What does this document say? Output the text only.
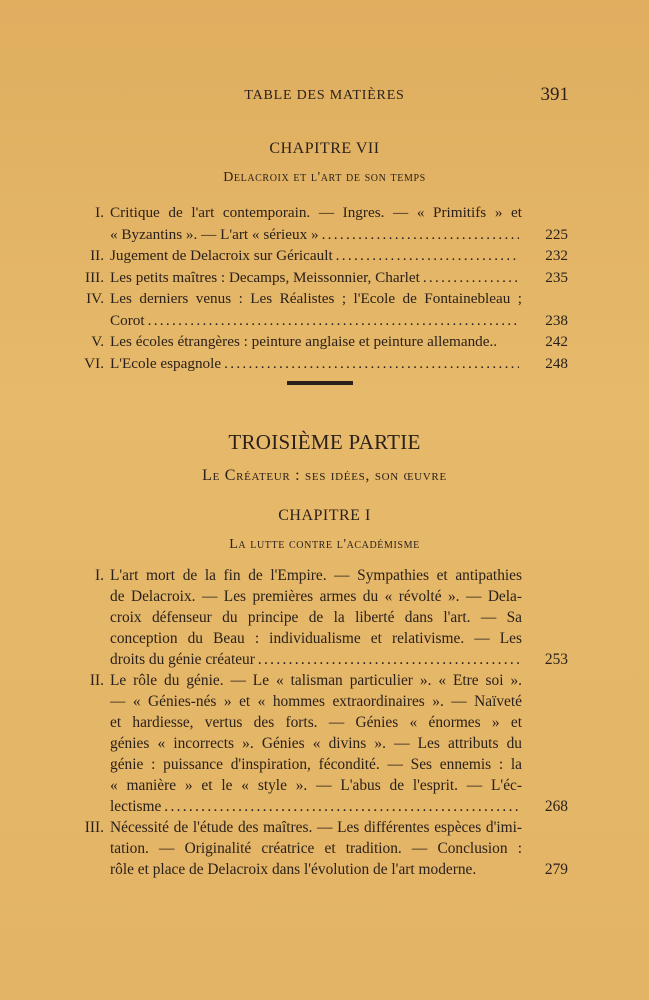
TABLE DES MATIÈRES	391
CHAPITRE VII
Delacroix et l'art de son temps
I. Critique de l'art contemporain. — Ingres. — « Primitifs » et
« Byzantins ». — L'art « sérieux » .....	225
II. Jugement de Delacroix sur Géricault .....	232
III. Les petits maîtres : Decamps, Meissonnier, Charlet .....	235
IV. Les derniers venus : Les Réalistes ; l'Ecole de Fontainebleau ;
Corot .....	238
V. Les écoles étrangères : peinture anglaise et peinture allemande..	242
VI. L'Ecole espagnole .....	248
TROISIÈME PARTIE
Le Créateur : ses idées, son œuvre
CHAPITRE I
La lutte contre l'académisme
I. L'art mort de la fin de l'Empire. — Sympathies et antipathies
de Delacroix. — Les premières armes du « révolté ». — Dela-
croix défenseur du principe de la liberté dans l'art. — Sa
conception du Beau : individualisme et relativisme. — Les
droits du génie créateur .....	253
II. Le rôle du génie. — Le « talisman particulier ». « Etre soi ».
— « Génies-nés » et « hommes extraordinaires ». — Naïveté
et hardiesse, vertus des forts. — Génies « énormes » et
génies « incorrects ». Génies « divins ». — Les attributs du
génie : puissance d'inspiration, fécondité. — Ses ennemis : la
« manière » et le « style ». — L'abus de l'esprit. — L'éc-
lectisme .....	268
III. Nécessité de l'étude des maîtres. — Les différentes espèces d'imi-
tation. — Originalité créatrice et tradition. — Conclusion :
rôle et place de Delacroix dans l'évolution de l'art moderne.	279
